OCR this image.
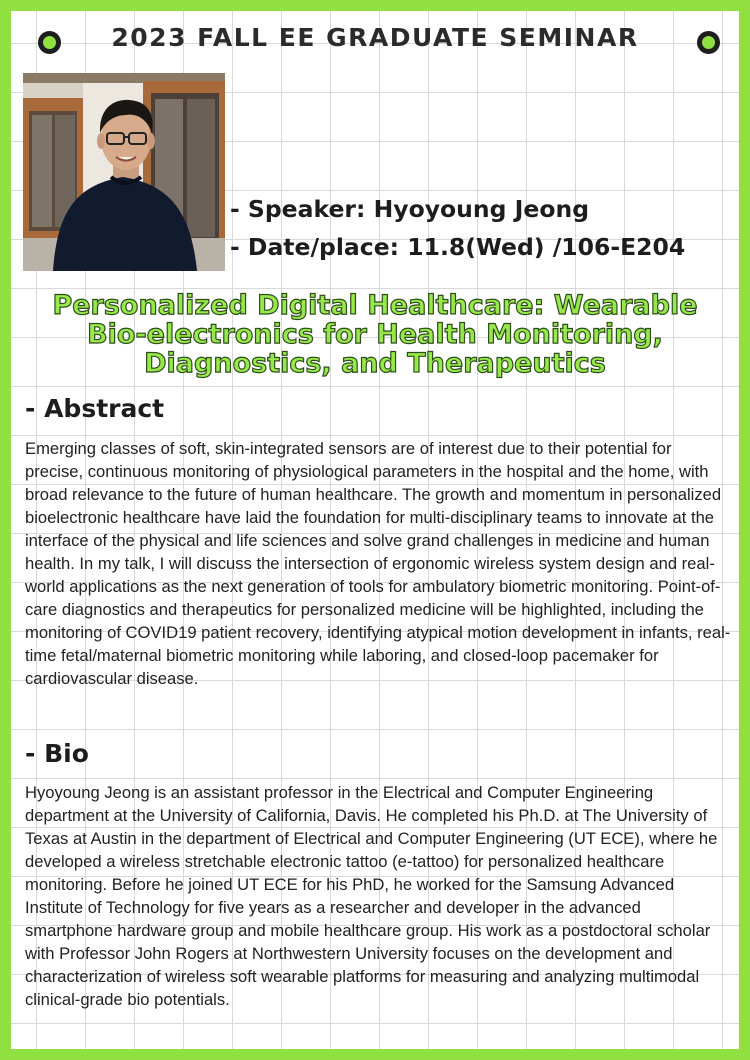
2023 FALL EE GRADUATE SEMINAR
- Speaker: Hyoyoung Jeong
- Date/place: 11.8(Wed) /106-E204
Personalized Digital Healthcare: Wearable
Bio-electronics for Health Monitoring,
Diagnostics, and Therapeutics
- Abstract
Emerging classes of soft, skin-integrated sensors are of interest due to their potential for precise, continuous monitoring of physiological parameters in the hospital and the home, with broad relevance to the future of human healthcare. The growth and momentum in personalized bioelectronic healthcare have laid the foundation for multi-disciplinary teams to innovate at the interface of the physical and life sciences and solve grand challenges in medicine and human health. In my talk, I will discuss the intersection of ergonomic wireless system design and real-world applications as the next generation of tools for ambulatory biometric monitoring. Point-of-care diagnostics and therapeutics for personalized medicine will be highlighted, including the monitoring of COVID19 patient recovery, identifying atypical motion development in infants, real-time fetal/maternal biometric monitoring while laboring, and closed-loop pacemaker for cardiovascular disease.
- Bio
Hyoyoung Jeong is an assistant professor in the Electrical and Computer Engineering department at the University of California, Davis. He completed his Ph.D. at The University of Texas at Austin in the department of Electrical and Computer Engineering (UT ECE), where he developed a wireless stretchable electronic tattoo (e-tattoo) for personalized healthcare monitoring. Before he joined UT ECE for his PhD, he worked for the Samsung Advanced Institute of Technology for five years as a researcher and developer in the advanced smartphone hardware group and mobile healthcare group. His work as a postdoctoral scholar with Professor John Rogers at Northwestern University focuses on the development and characterization of wireless soft wearable platforms for measuring and analyzing multimodal clinical-grade bio potentials.
